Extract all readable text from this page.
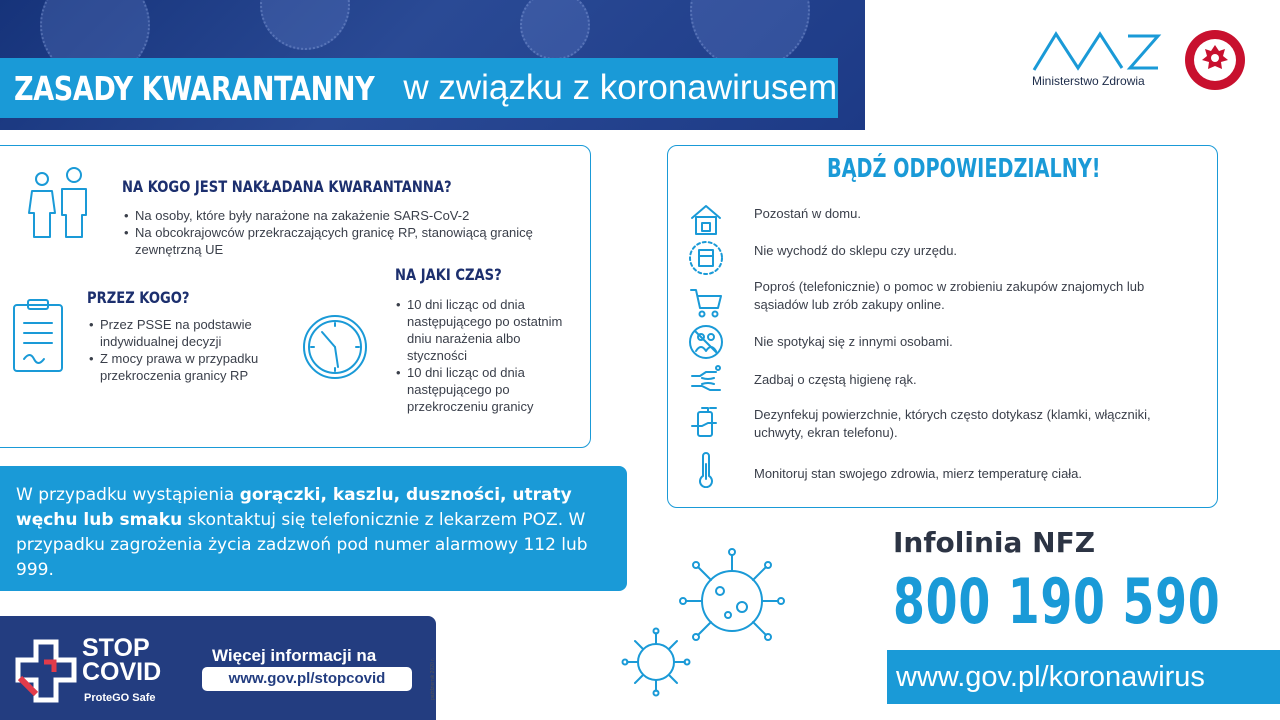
ZASADY KWARANTANNY w związku z koronawirusem	Ministerstwo Zdrowia
NA KOGO JEST NAKŁADANA KWARANTANNA?
• Na osoby, które były narażone na zakażenie SARS-CoV-2
• Na obcokrajowców przekraczających granicę RP, stanowiącą granicę zewnętrzną UE
PRZEZ KOGO?
• Przez PSSE na podstawie indywidualnej decyzji
• Z mocy prawa w przypadku przekroczenia granicy RP
NA JAKI CZAS?
• 10 dni licząc od dnia następującego po ostatnim dniu narażenia albo styczności
• 10 dni licząc od dnia następującego po przekroczeniu granicy
BĄDŹ ODPOWIEDZIALNY!
Pozostań w domu.
Nie wychodź do sklepu czy urzędu.
Poproś (telefonicznie) o pomoc w zrobieniu zakupów znajomych lub sąsiadów lub zrób zakupy online.
Nie spotykaj się z innymi osobami.
Zadbaj o częstą higienę rąk.
Dezynfekuj powierzchnie, których często dotykasz (klamki, włączniki, uchwyty, ekran telefonu).
Monitoruj stan swojego zdrowia, mierz temperaturę ciała.
W przypadku wystąpienia gorączki, kaszlu, duszności, utraty węchu lub smaku skontaktuj się telefonicznie z lekarzem POZ. W przypadku zagrożenia życia zadzwoń pod numer alarmowy 112 lub 999.
STOP
COVID
ProteGO Safe
Więcej informacji na
www.gov.pl/stopcovid	październik 2020 r.
Infolinia NFZ
800 190 590
www.gov.pl/koronawirus
